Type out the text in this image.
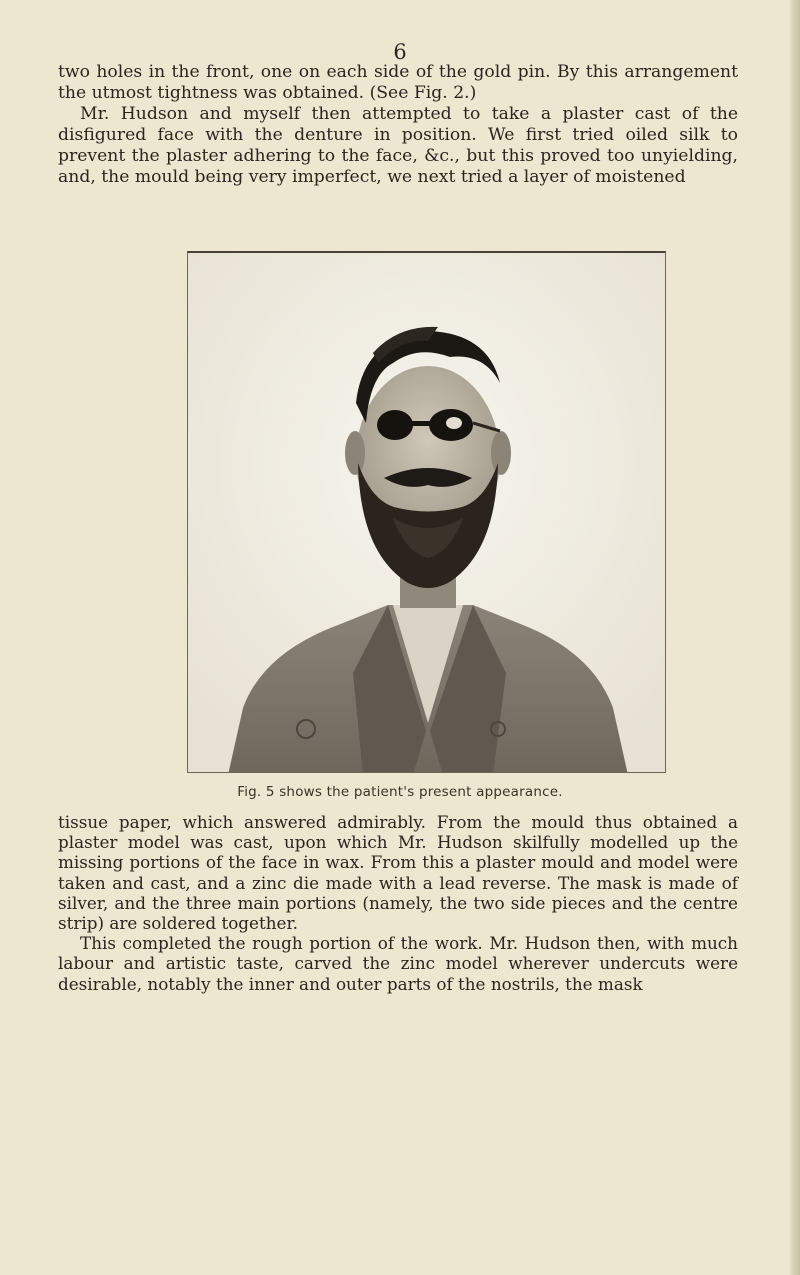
6

two holes in the front, one on each side of the gold pin. By this arrangement the utmost tightness was obtained. (See Fig. 2.)

Mr. Hudson and myself then attempted to take a plaster cast of the disfigured face with the denture in position. We first tried oiled silk to prevent the plaster adhering to the face, &c., but this proved too unyielding, and, the mould being very imperfect, we next tried a layer of moistened

Fig. 5 shows the patient's present appearance.

tissue paper, which answered admirably. From the mould thus obtained a plaster model was cast, upon which Mr. Hudson skilfully modelled up the missing portions of the face in wax. From this a plaster mould and model were taken and cast, and a zinc die made with a lead reverse. The mask is made of silver, and the three main portions (namely, the two side pieces and the centre strip) are soldered together.

This completed the rough portion of the work. Mr. Hudson then, with much labour and artistic taste, carved the zinc model wherever undercuts were desirable, notably the inner and outer parts of the nostrils, the mask
